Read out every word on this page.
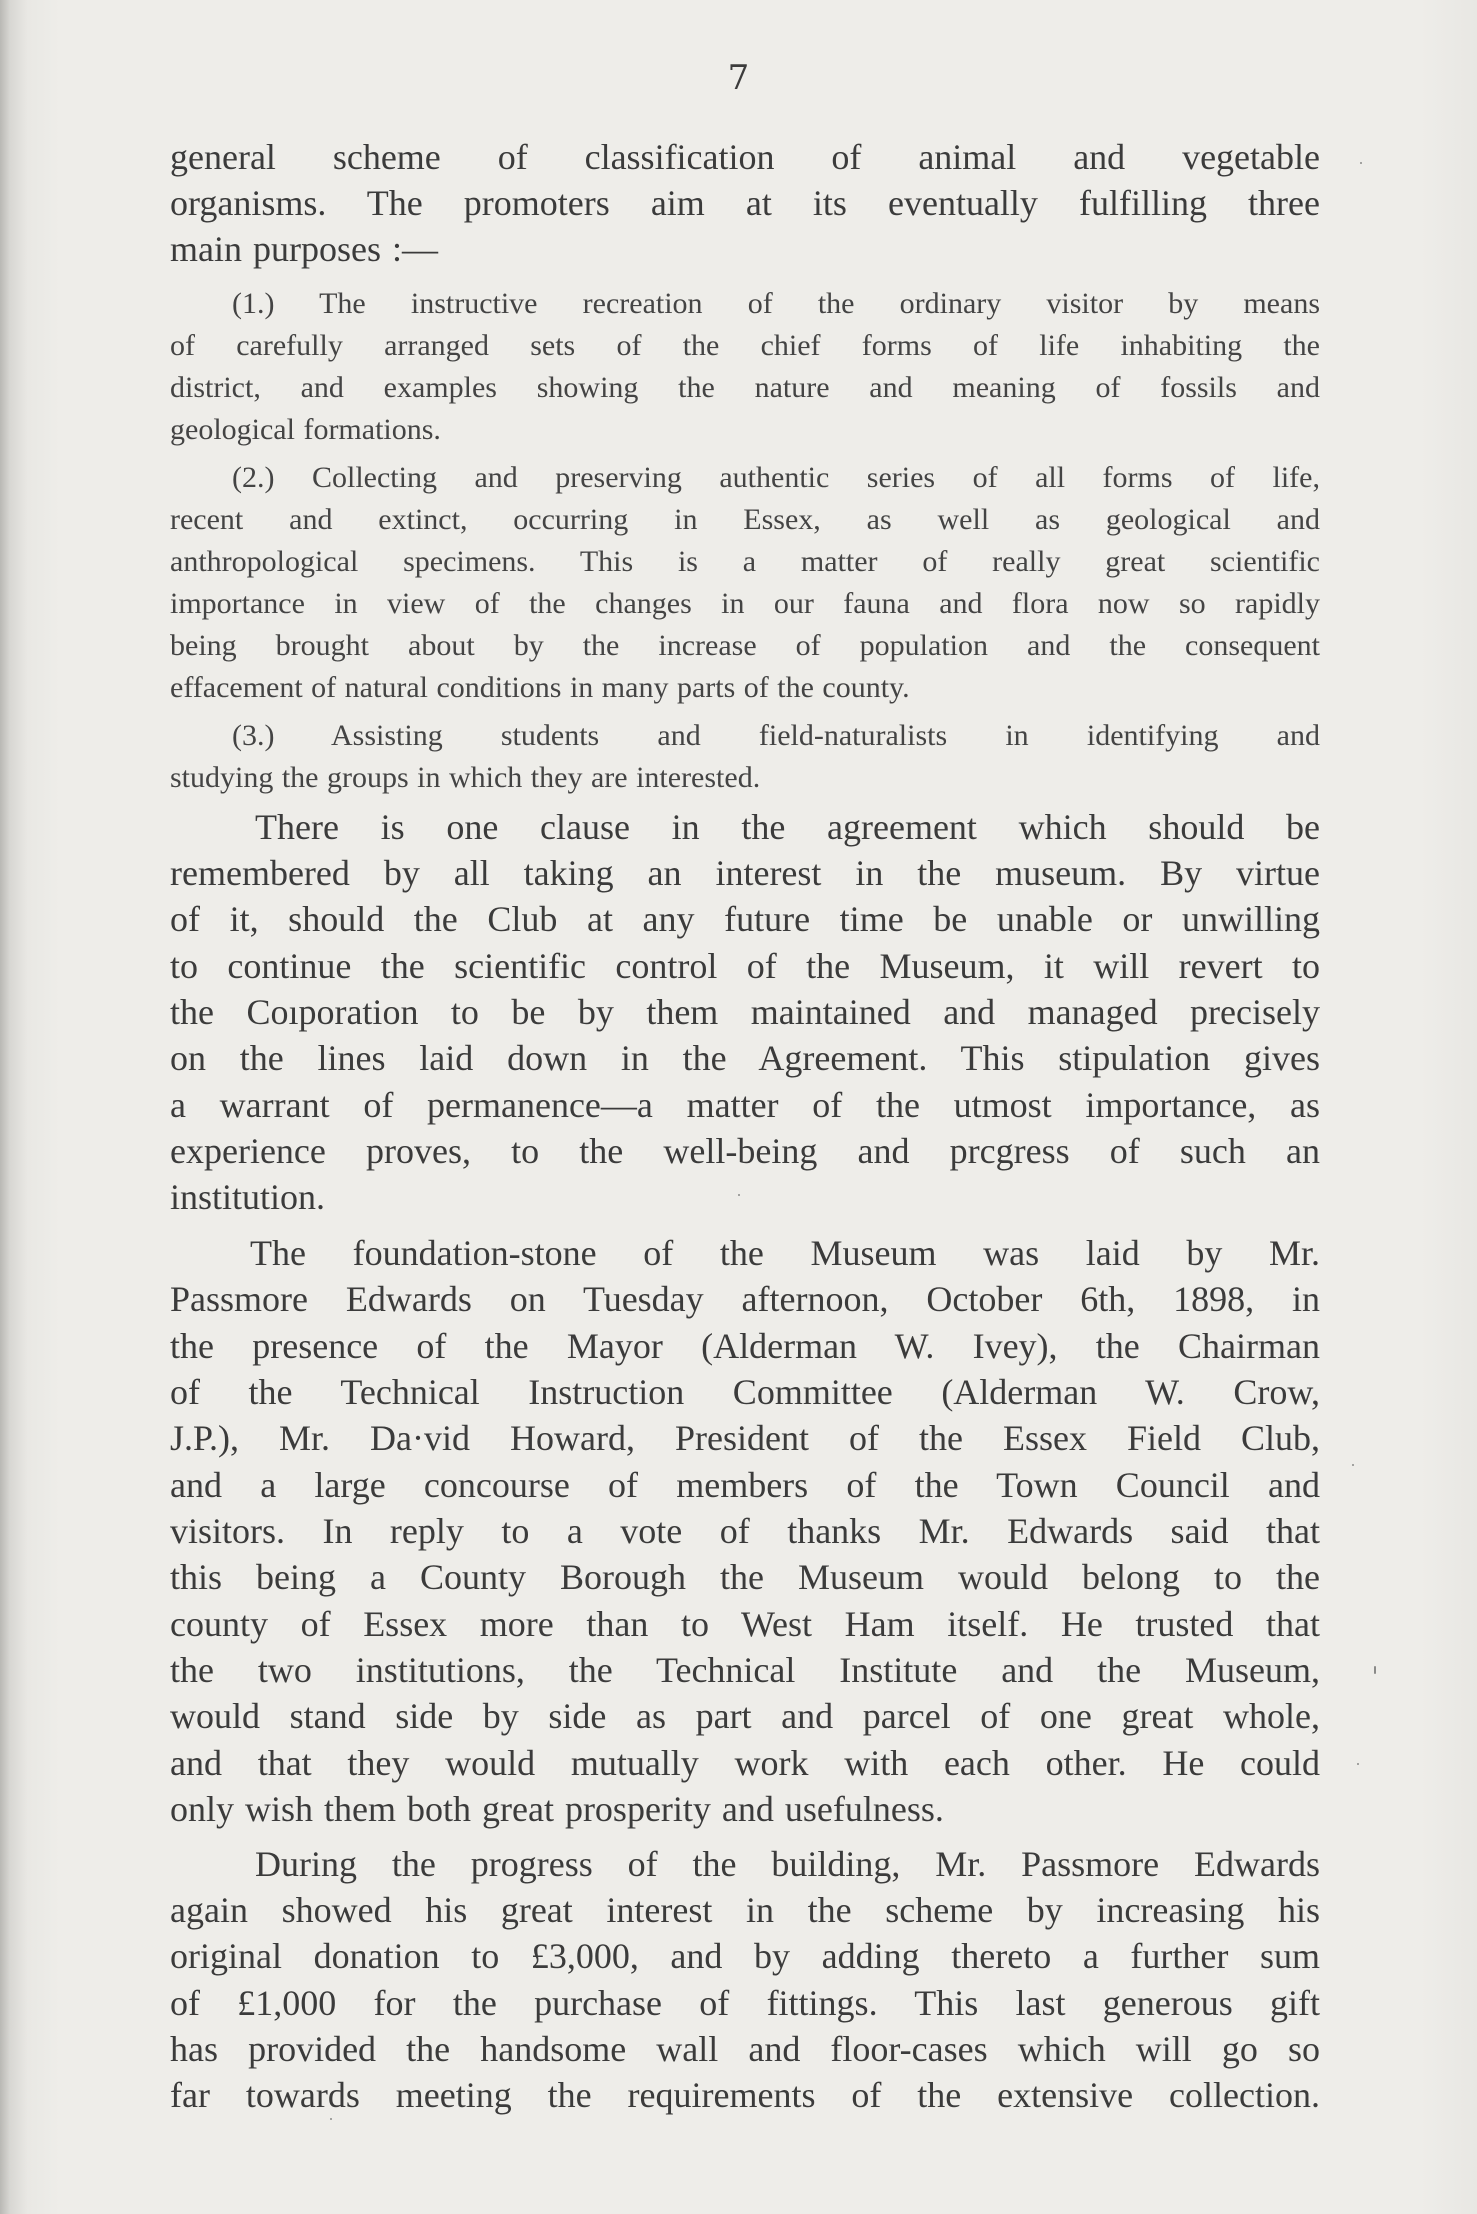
7
general scheme of classification of animal and vegetable
organisms. The promoters aim at its eventually fulfilling three
main purposes :—
(1.) The instructive recreation of the ordinary visitor by means
of carefully arranged sets of the chief forms of life inhabiting the
district, and examples showing the nature and meaning of fossils and
geological formations.
(2.) Collecting and preserving authentic series of all forms of life,
recent and extinct, occurring in Essex, as well as geological and
anthropological specimens. This is a matter of really great scientific
importance in view of the changes in our fauna and flora now so rapidly
being brought about by the increase of population and the consequent
effacement of natural conditions in many parts of the county.
(3.) Assisting students and field-naturalists in identifying and
studying the groups in which they are interested.
There is one clause in the agreement which should be
remembered by all taking an interest in the museum. By virtue
of it, should the Club at any future time be unable or unwilling
to continue the scientific control of the Museum, it will revert to
the Coıporation to be by them maintained and managed precisely
on the lines laid down in the Agreement. This stipulation gives
a warrant of permanence—a matter of the utmost importance, as
experience proves, to the well-being and prcgress of such an
institution.
The foundation-stone of the Museum was laid by Mr.
Passmore Edwards on Tuesday afternoon, October 6th, 1898, in
the presence of the Mayor (Alderman W. Ivey), the Chairman
of the Technical Instruction Committee (Alderman W. Crow,
J.P.), Mr. Da·vid Howard, President of the Essex Field Club,
and a large concourse of members of the Town Council and
visitors. In reply to a vote of thanks Mr. Edwards said that
this being a County Borough the Museum would belong to the
county of Essex more than to West Ham itself. He trusted that
the two institutions, the Technical Institute and the Museum,
would stand side by side as part and parcel of one great whole,
and that they would mutually work with each other. He could
only wish them both great prosperity and usefulness.
During the progress of the building, Mr. Passmore Edwards
again showed his great interest in the scheme by increasing his
original donation to £3,000, and by adding thereto a further sum
of £1,000 for the purchase of fittings. This last generous gift
has provided the handsome wall and floor-cases which will go so
far towards meeting the requirements of the extensive collection.
